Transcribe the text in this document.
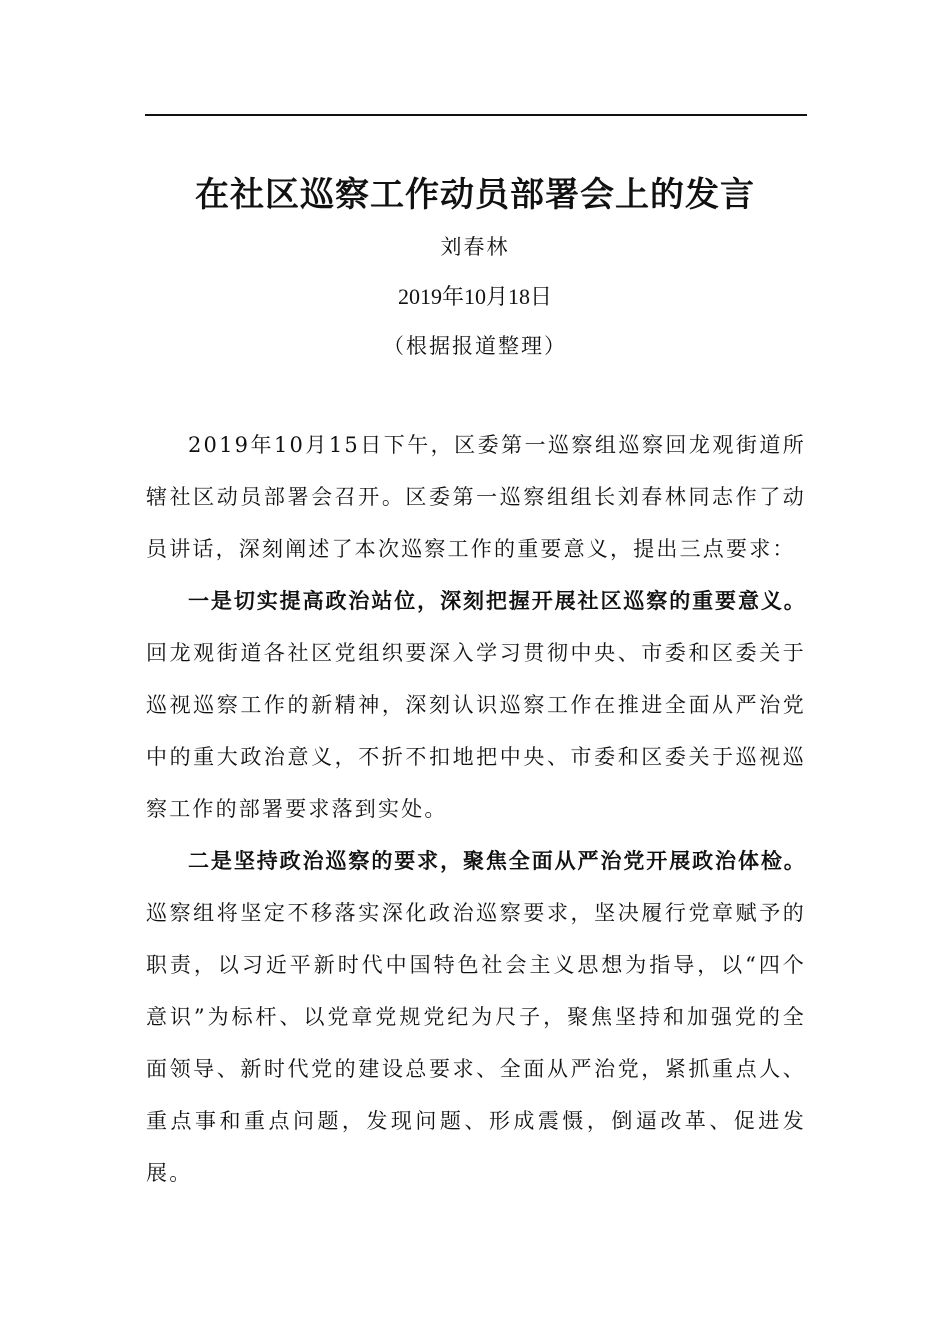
在社区巡察工作动员部署会上的发言

刘春林

2019年10月18日

（根据报道整理）

2019年10月15日下午，区委第一巡察组巡察回龙观街道所辖社区动员部署会召开。区委第一巡察组组长刘春林同志作了动员讲话，深刻阐述了本次巡察工作的重要意义，提出三点要求：

一是切实提高政治站位，深刻把握开展社区巡察的重要意义。回龙观街道各社区党组织要深入学习贯彻中央、市委和区委关于巡视巡察工作的新精神，深刻认识巡察工作在推进全面从严治党中的重大政治意义，不折不扣地把中央、市委和区委关于巡视巡察工作的部署要求落到实处。

二是坚持政治巡察的要求，聚焦全面从严治党开展政治体检。巡察组将坚定不移落实深化政治巡察要求，坚决履行党章赋予的职责，以习近平新时代中国特色社会主义思想为指导，以“四个意识”为标杆、以党章党规党纪为尺子，聚焦坚持和加强党的全面领导、新时代党的建设总要求、全面从严治党，紧抓重点人、重点事和重点问题，发现问题、形成震慑，倒逼改革、促进发展。
